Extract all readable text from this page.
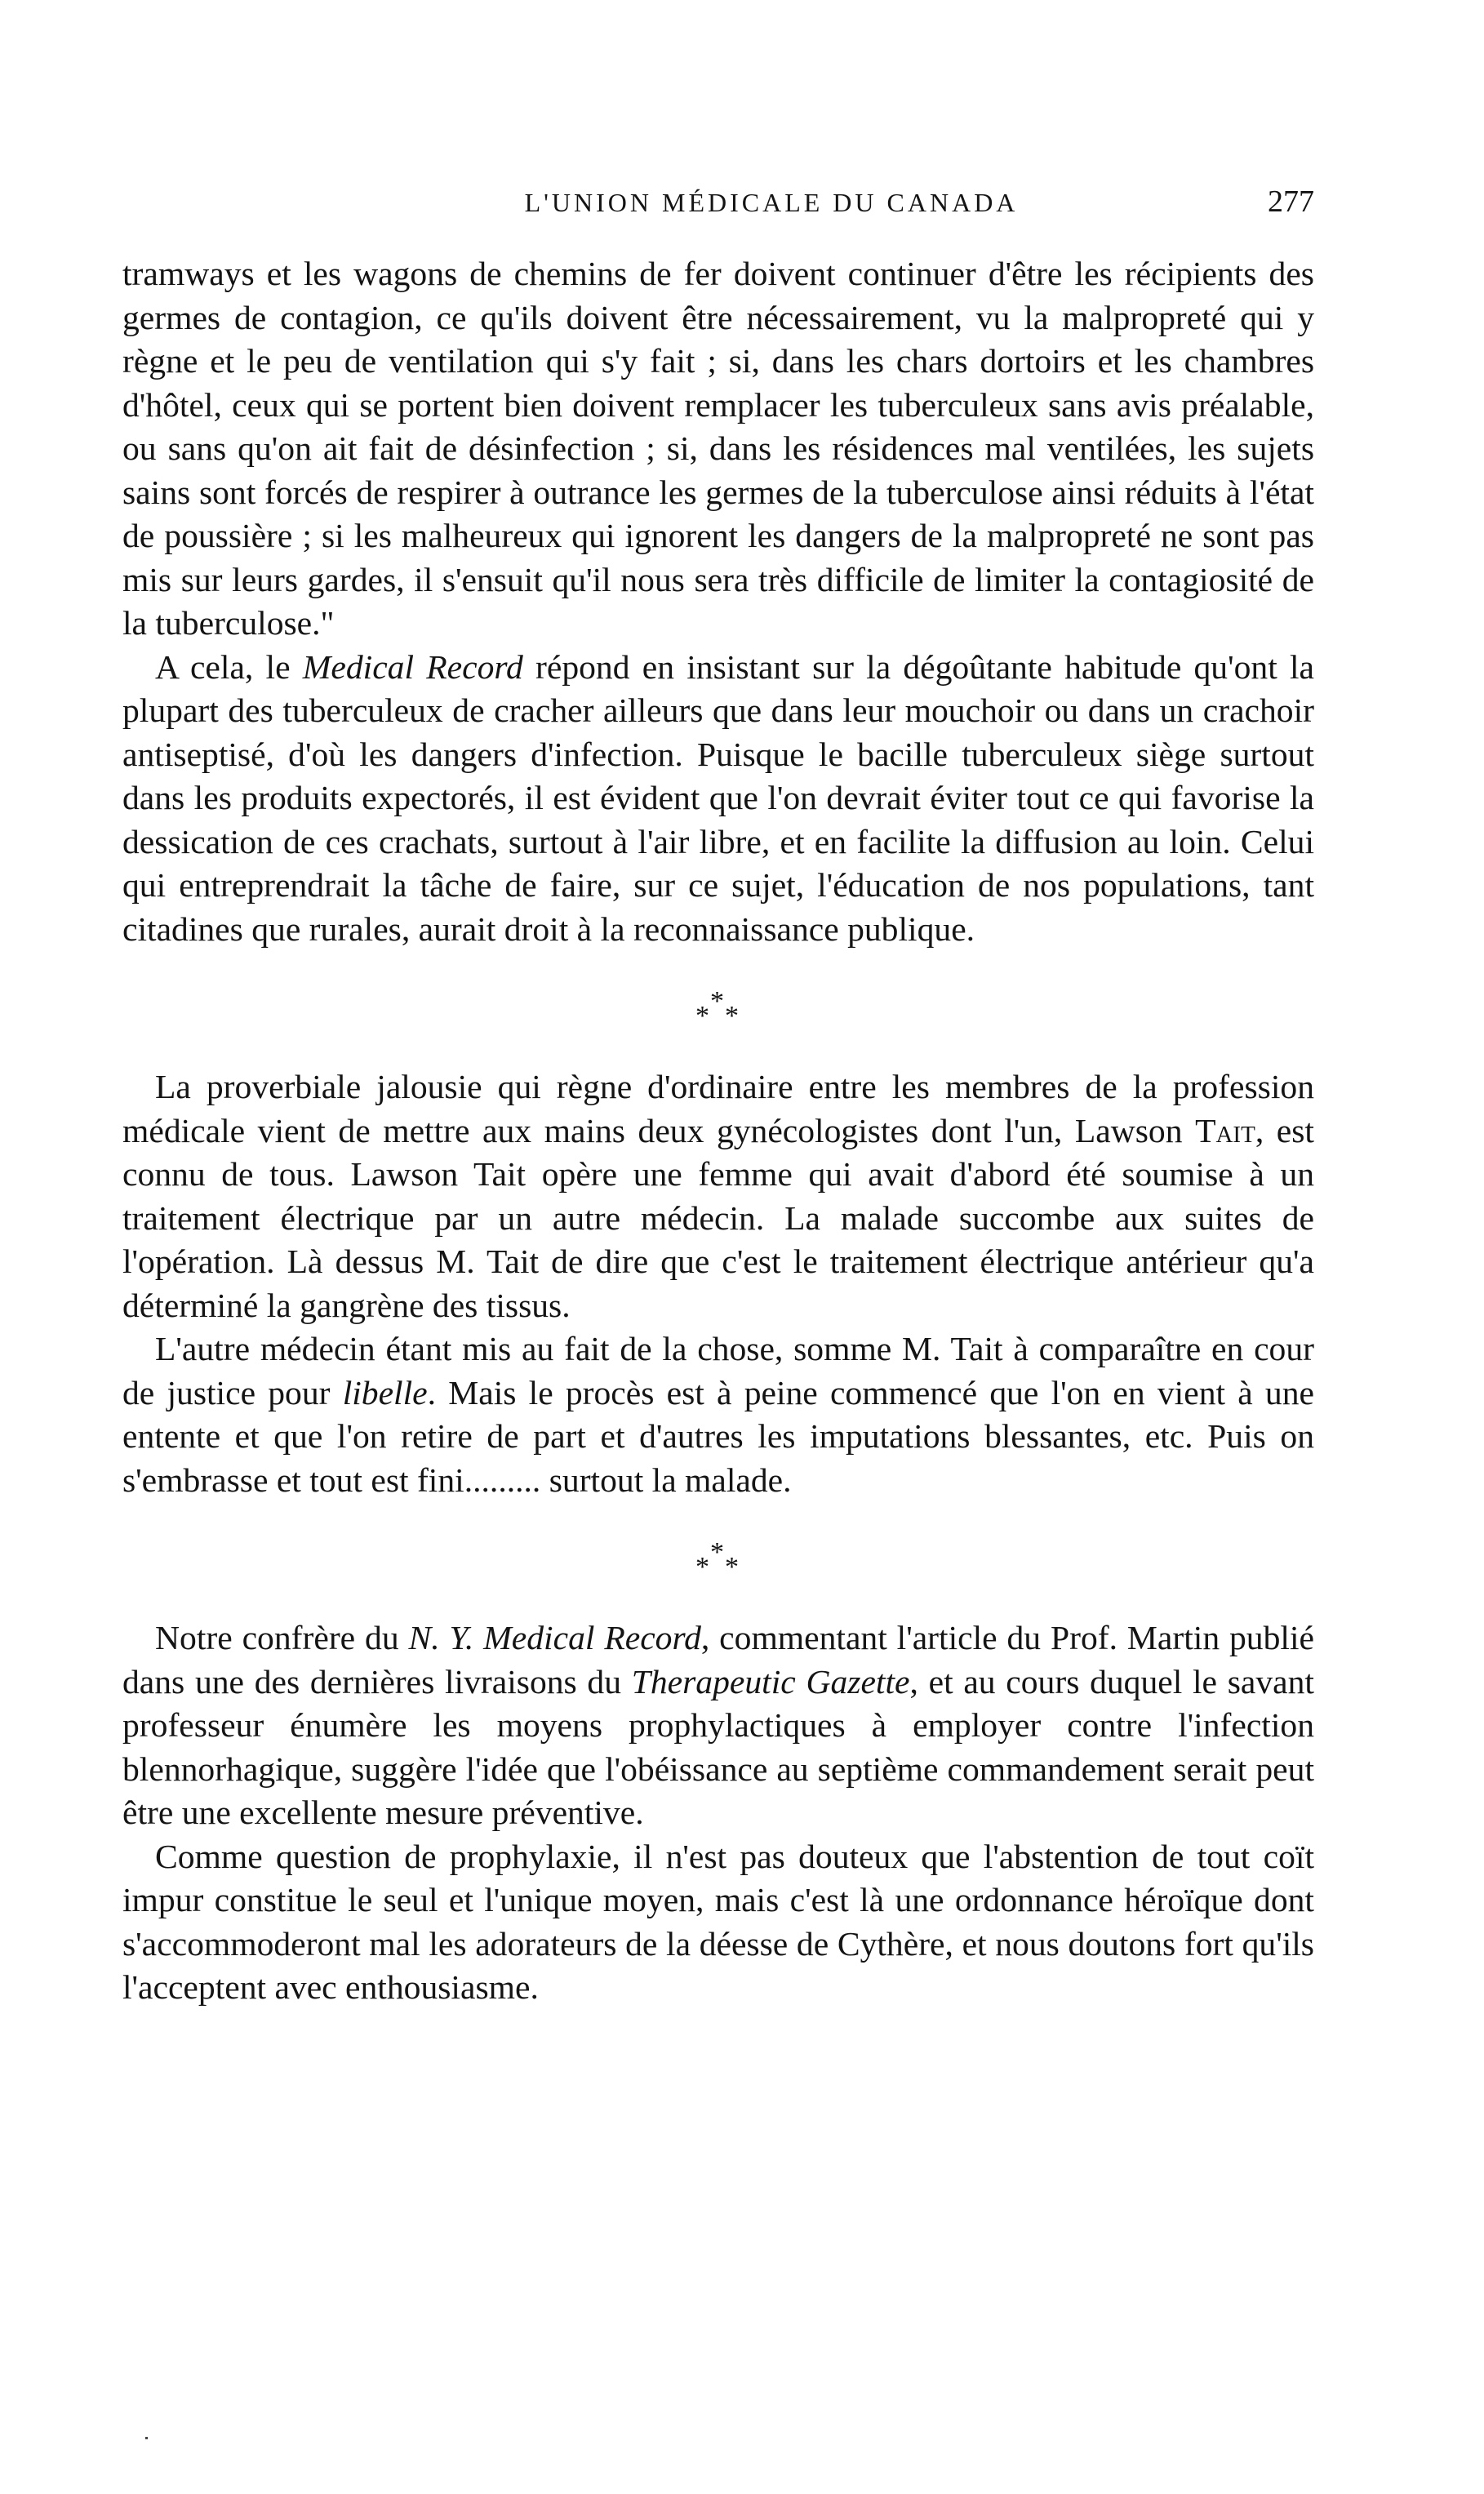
L'UNION MÉDICALE DU CANADA	277

tramways et les wagons de chemins de fer doivent continuer d'être les récipients des germes de contagion, ce qu'ils doivent être nécessairement, vu la malpropreté qui y règne et le peu de ventilation qui s'y fait ; si, dans les chars dortoirs et les chambres d'hôtel, ceux qui se portent bien doivent remplacer les tuberculeux sans avis préalable, ou sans qu'on ait fait de désinfection ; si, dans les résidences mal ventilées, les sujets sains sont forcés de respirer à outrance les germes de la tuberculose ainsi réduits à l'état de poussière ; si les malheureux qui ignorent les dangers de la malpropreté ne sont pas mis sur leurs gardes, il s'ensuit qu'il nous sera très difficile de limiter la contagiosité de la tuberculose."

A cela, le Medical Record répond en insistant sur la dégoûtante habitude qu'ont la plupart des tuberculeux de cracher ailleurs que dans leur mouchoir ou dans un crachoir antiseptisé, d'où les dangers d'infection. Puisque le bacille tuberculeux siège surtout dans les produits expectorés, il est évident que l'on devrait éviter tout ce qui favorise la dessication de ces crachats, surtout à l'air libre, et en facilite la diffusion au loin. Celui qui entreprendrait la tâche de faire, sur ce sujet, l'éducation de nos populations, tant citadines que rurales, aurait droit à la reconnaissance publique.

*
* *

La proverbiale jalousie qui règne d'ordinaire entre les membres de la profession médicale vient de mettre aux mains deux gynécologistes dont l'un, Lawson Tait, est connu de tous. Lawson Tait opère une femme qui avait d'abord été soumise à un traitement électrique par un autre médecin. La malade succombe aux suites de l'opération. Là dessus M. Tait de dire que c'est le traitement électrique antérieur qu'a déterminé la gangrène des tissus.

L'autre médecin étant mis au fait de la chose, somme M. Tait à comparaître en cour de justice pour libelle. Mais le procès est à peine commencé que l'on en vient à une entente et que l'on retire de part et d'autres les imputations blessantes, etc. Puis on s'embrasse et tout est fini......... surtout la malade.

*
* *

Notre confrère du N. Y. Medical Record, commentant l'article du Prof. Martin publié dans une des dernières livraisons du Therapeutic Gazette, et au cours duquel le savant professeur énumère les moyens prophylactiques à employer contre l'infection blennorhagique, suggère l'idée que l'obéissance au septième commandement serait peut être une excellente mesure préventive.

Comme question de prophylaxie, il n'est pas douteux que l'abstention de tout coït impur constitue le seul et l'unique moyen, mais c'est là une ordonnance héroïque dont s'accommoderont mal les adorateurs de la déesse de Cythère, et nous doutons fort qu'ils l'acceptent avec enthousiasme.
